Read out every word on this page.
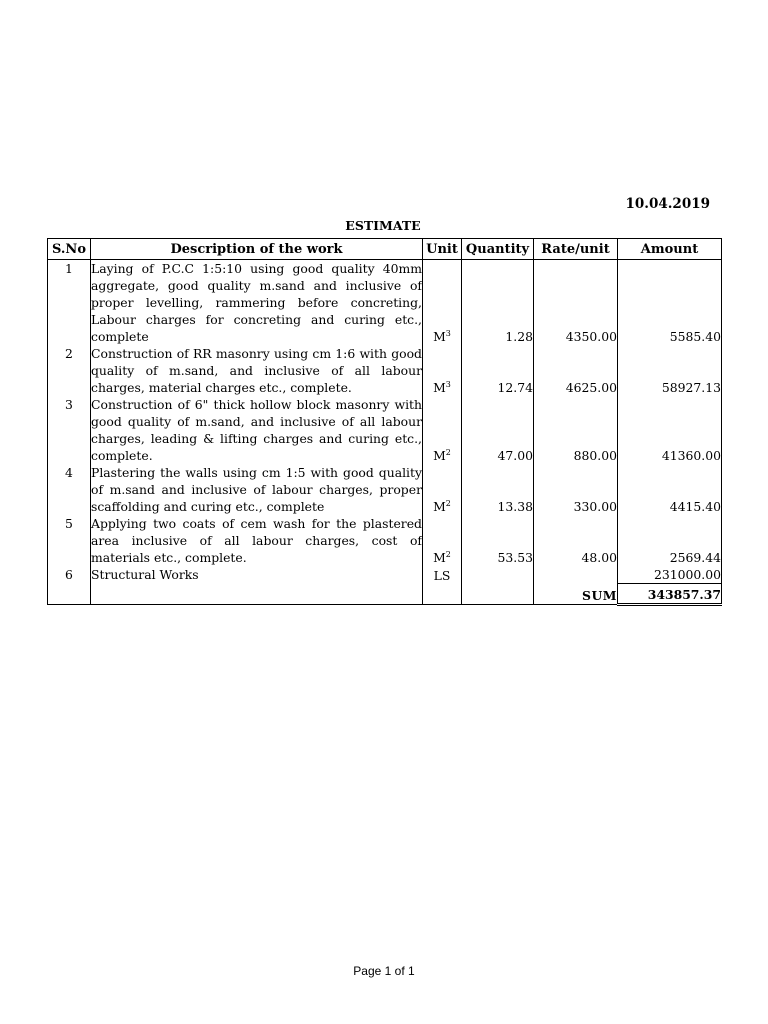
10.04.2019
ESTIMATE
S.No	Description of the work	Unit	Quantity	Rate/unit	Amount
1	Laying of P.C.C 1:5:10 using good quality 40mm aggregate, good quality m.sand and inclusive of proper levelling, rammering before concreting, Labour charges for concreting and curing etc., complete	$M^3$	1.28	4350.00	5585.40
2	Construction of RR masonry using cm 1:6 with good quality of m.sand, and inclusive of all labour charges, material charges etc., complete.	$M^3$	12.74	4625.00	58927.13
3	Construction of 6" thick hollow block masonry with good quality of m.sand, and inclusive of all labour charges, leading & lifting charges and curing etc., complete.	$M^2$	47.00	880.00	41360.00
4	Plastering the walls using cm 1:5 with good quality of m.sand and inclusive of labour charges, proper scaffolding and curing etc., complete	$M^2$	13.38	330.00	4415.40
5	Applying two coats of cem wash for the plastered area inclusive of all labour charges, cost of materials etc., complete.	$M^2$	53.53	48.00	2569.44
6	Structural Works	LS			231000.00
				SUM	343857.37
Page 1 of 1
